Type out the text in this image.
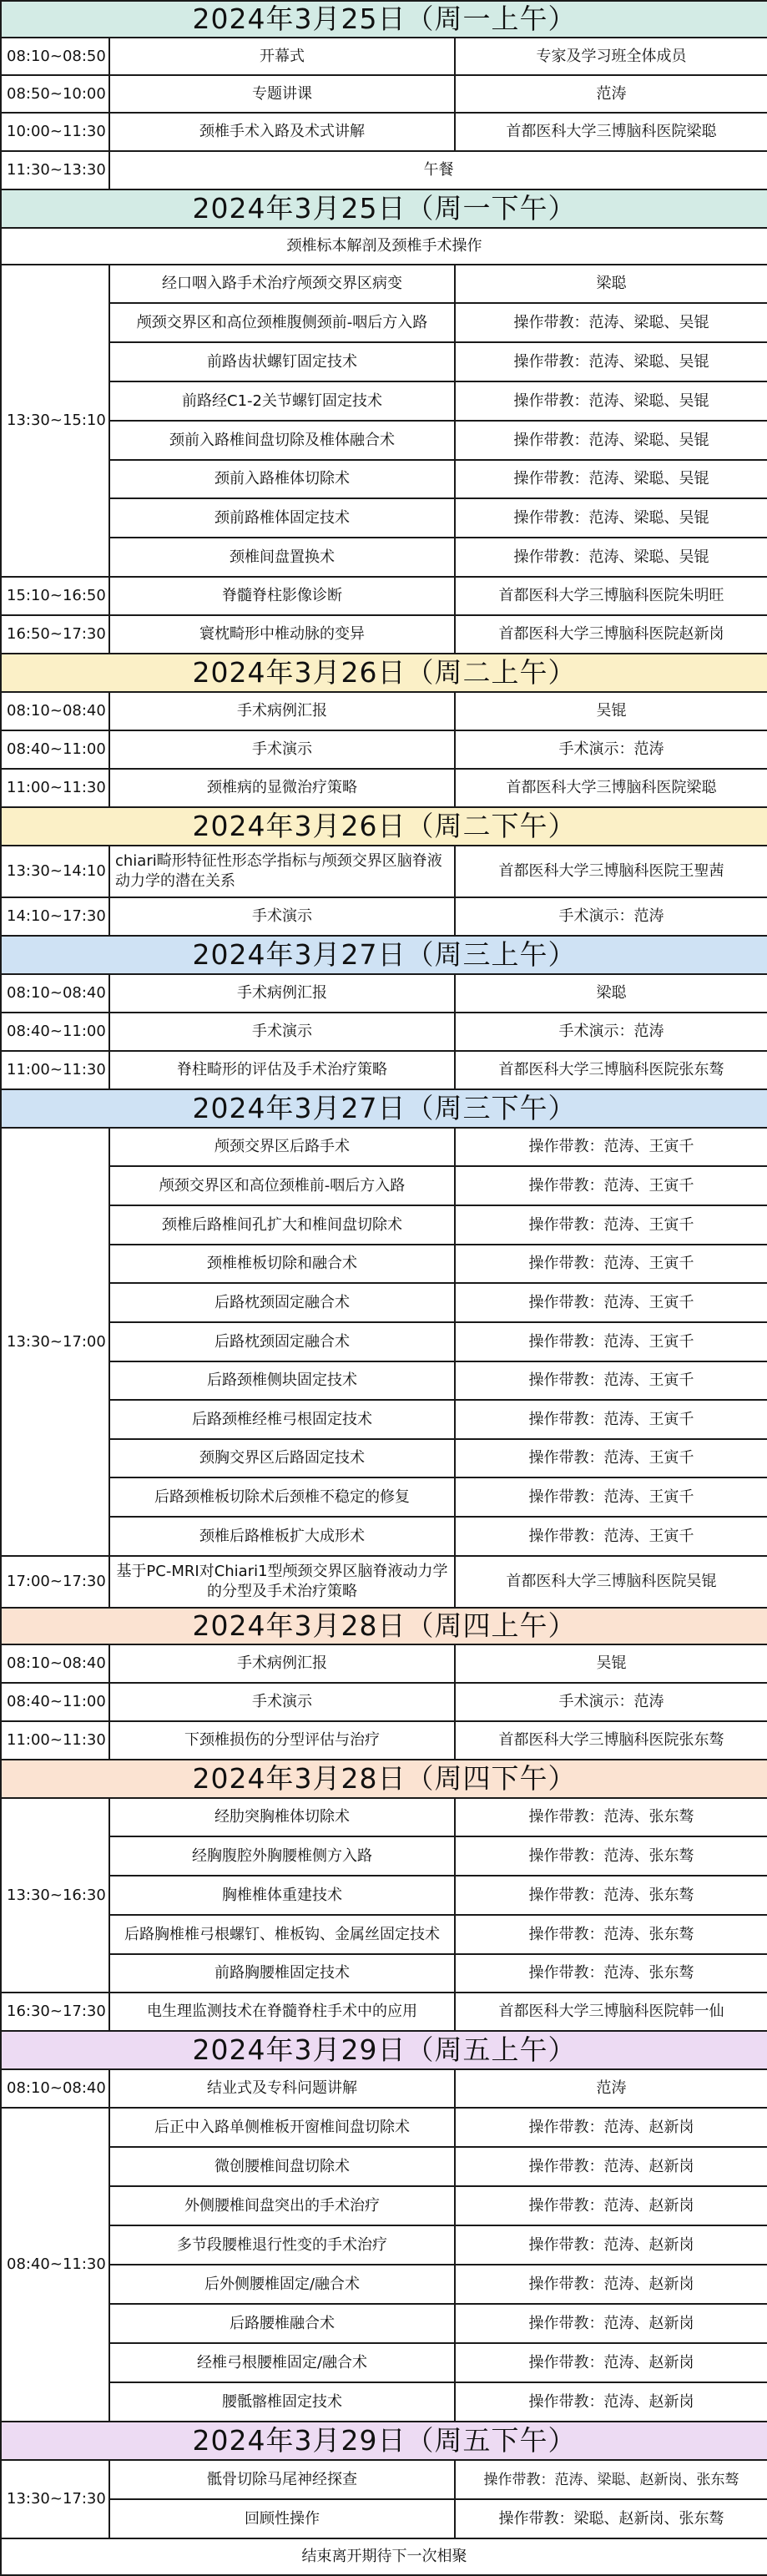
2024年3月25日（周一上午）		
08:10~08:50	开幕式	专家及学习班全体成员
08:50~10:00	专题讲课	范涛
10:00~11:30	颈椎手术入路及术式讲解	首都医科大学三博脑科医院梁聪
11:30~13:30	午餐	
2024年3月25日（周一下午）		
颈椎标本解剖及颈椎手术操作		
13:30~15:10	经口咽入路手术治疗颅颈交界区病变	梁聪
	颅颈交界区和高位颈椎腹侧颈前-咽后方入路	操作带教：范涛、梁聪、吴锟
	前路齿状螺钉固定技术	操作带教：范涛、梁聪、吴锟
	前路经C1-2关节螺钉固定技术	操作带教：范涛、梁聪、吴锟
	颈前入路椎间盘切除及椎体融合术	操作带教：范涛、梁聪、吴锟
	颈前入路椎体切除术	操作带教：范涛、梁聪、吴锟
	颈前路椎体固定技术	操作带教：范涛、梁聪、吴锟
	颈椎间盘置换术	操作带教：范涛、梁聪、吴锟
15:10~16:50	脊髓脊柱影像诊断	首都医科大学三博脑科医院朱明旺
16:50~17:30	寰枕畸形中椎动脉的变异	首都医科大学三博脑科医院赵新岗
2024年3月26日（周二上午）		
08:10~08:40	手术病例汇报	吴锟
08:40~11:00	手术演示	手术演示：范涛
11:00~11:30	颈椎病的显微治疗策略	首都医科大学三博脑科医院梁聪
2024年3月26日（周二下午）		
13:30~14:10	chiari畸形特征性形态学指标与颅颈交界区脑脊液动力学的潜在关系	首都医科大学三博脑科医院王聖茜
14:10~17:30	手术演示	手术演示：范涛
2024年3月27日（周三上午）		
08:10~08:40	手术病例汇报	梁聪
08:40~11:00	手术演示	手术演示：范涛
11:00~11:30	脊柱畸形的评估及手术治疗策略	首都医科大学三博脑科医院张东骜
2024年3月27日（周三下午）		
13:30~17:00	颅颈交界区后路手术	操作带教：范涛、王寅千
	颅颈交界区和高位颈椎前-咽后方入路	操作带教：范涛、王寅千
	颈椎后路椎间孔扩大和椎间盘切除术	操作带教：范涛、王寅千
	颈椎椎板切除和融合术	操作带教：范涛、王寅千
	后路枕颈固定融合术	操作带教：范涛、王寅千
	后路枕颈固定融合术	操作带教：范涛、王寅千
	后路颈椎侧块固定技术	操作带教：范涛、王寅千
	后路颈椎经椎弓根固定技术	操作带教：范涛、王寅千
	颈胸交界区后路固定技术	操作带教：范涛、王寅千
	后路颈椎板切除术后颈椎不稳定的修复	操作带教：范涛、王寅千
	颈椎后路椎板扩大成形术	操作带教：范涛、王寅千
17:00~17:30	基于PC-MRI对Chiari1型颅颈交界区脑脊液动力学的分型及手术治疗策略	首都医科大学三博脑科医院吴锟
2024年3月28日（周四上午）		
08:10~08:40	手术病例汇报	吴锟
08:40~11:00	手术演示	手术演示：范涛
11:00~11:30	下颈椎损伤的分型评估与治疗	首都医科大学三博脑科医院张东骜
2024年3月28日（周四下午）		
13:30~16:30	经肋突胸椎体切除术	操作带教：范涛、张东骜
	经胸腹腔外胸腰椎侧方入路	操作带教：范涛、张东骜
	胸椎椎体重建技术	操作带教：范涛、张东骜
	后路胸椎椎弓根螺钉、椎板钩、金属丝固定技术	操作带教：范涛、张东骜
	前路胸腰椎固定技术	操作带教：范涛、张东骜
16:30~17:30	电生理监测技术在脊髓脊柱手术中的应用	首都医科大学三博脑科医院韩一仙
2024年3月29日（周五上午）		
08:10~08:40	结业式及专科问题讲解	范涛
08:40~11:30	后正中入路单侧椎板开窗椎间盘切除术	操作带教：范涛、赵新岗
	微创腰椎间盘切除术	操作带教：范涛、赵新岗
	外侧腰椎间盘突出的手术治疗	操作带教：范涛、赵新岗
	多节段腰椎退行性变的手术治疗	操作带教：范涛、赵新岗
	后外侧腰椎固定/融合术	操作带教：范涛、赵新岗
	后路腰椎融合术	操作带教：范涛、赵新岗
	经椎弓根腰椎固定/融合术	操作带教：范涛、赵新岗
	腰骶髂椎固定技术	操作带教：范涛、赵新岗
2024年3月29日（周五下午）		
13:30~17:30	骶骨切除马尾神经探查	操作带教：范涛、梁聪、赵新岗、张东骜
	回顾性操作	操作带教：梁聪、赵新岗、张东骜
结束离开期待下一次相聚		
